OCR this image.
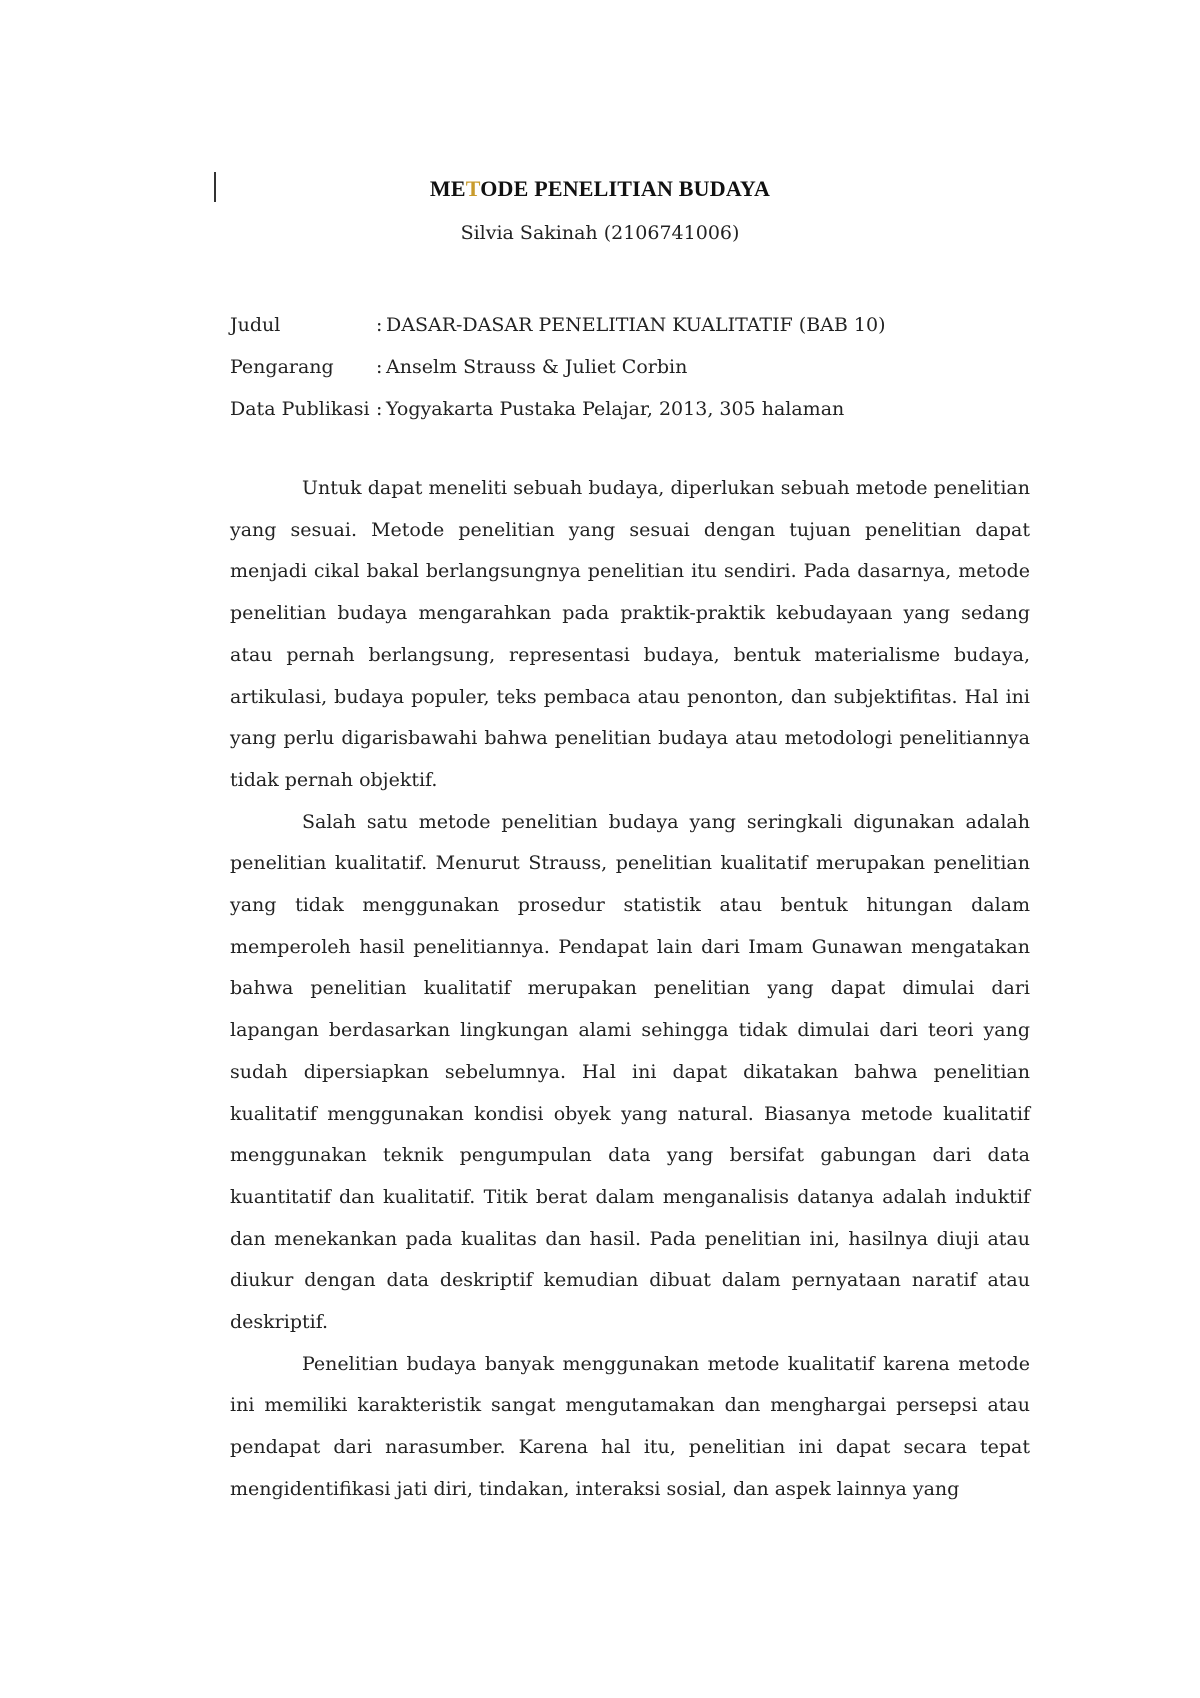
METODE PENELITIAN BUDAYA
Silvia Sakinah (2106741006)
Judul	: DASAR-DASAR PENELITIAN KUALITATIF (BAB 10)
Pengarang : Anselm Strauss & Juliet Corbin
Data Publikasi : Yogyakarta Pustaka Pelajar, 2013, 305 halaman

Untuk dapat meneliti sebuah budaya, diperlukan sebuah metode penelitian yang sesuai. Metode penelitian yang sesuai dengan tujuan penelitian dapat menjadi cikal bakal berlangsungnya penelitian itu sendiri. Pada dasarnya, metode penelitian budaya mengarahkan pada praktik-praktik kebudayaan yang sedang atau pernah berlangsung, representasi budaya, bentuk materialisme budaya, artikulasi, budaya populer, teks pembaca atau penonton, dan subjektifitas. Hal ini yang perlu digarisbawahi bahwa penelitian budaya atau metodologi penelitiannya tidak pernah objektif.

Salah satu metode penelitian budaya yang seringkali digunakan adalah penelitian kualitatif. Menurut Strauss, penelitian kualitatif merupakan penelitian yang tidak menggunakan prosedur statistik atau bentuk hitungan dalam memperoleh hasil penelitiannya. Pendapat lain dari Imam Gunawan mengatakan bahwa penelitian kualitatif merupakan penelitian yang dapat dimulai dari lapangan berdasarkan lingkungan alami sehingga tidak dimulai dari teori yang sudah dipersiapkan sebelumnya. Hal ini dapat dikatakan bahwa penelitian kualitatif menggunakan kondisi obyek yang natural. Biasanya metode kualitatif menggunakan teknik pengumpulan data yang bersifat gabungan dari data kuantitatif dan kualitatif. Titik berat dalam menganalisis datanya adalah induktif dan menekankan pada kualitas dan hasil. Pada penelitian ini, hasilnya diuji atau diukur dengan data deskriptif kemudian dibuat dalam pernyataan naratif atau deskriptif.

Penelitian budaya banyak menggunakan metode kualitatif karena metode ini memiliki karakteristik sangat mengutamakan dan menghargai persepsi atau pendapat dari narasumber. Karena hal itu, penelitian ini dapat secara tepat mengidentifikasi jati diri, tindakan, interaksi sosial, dan aspek lainnya yang
